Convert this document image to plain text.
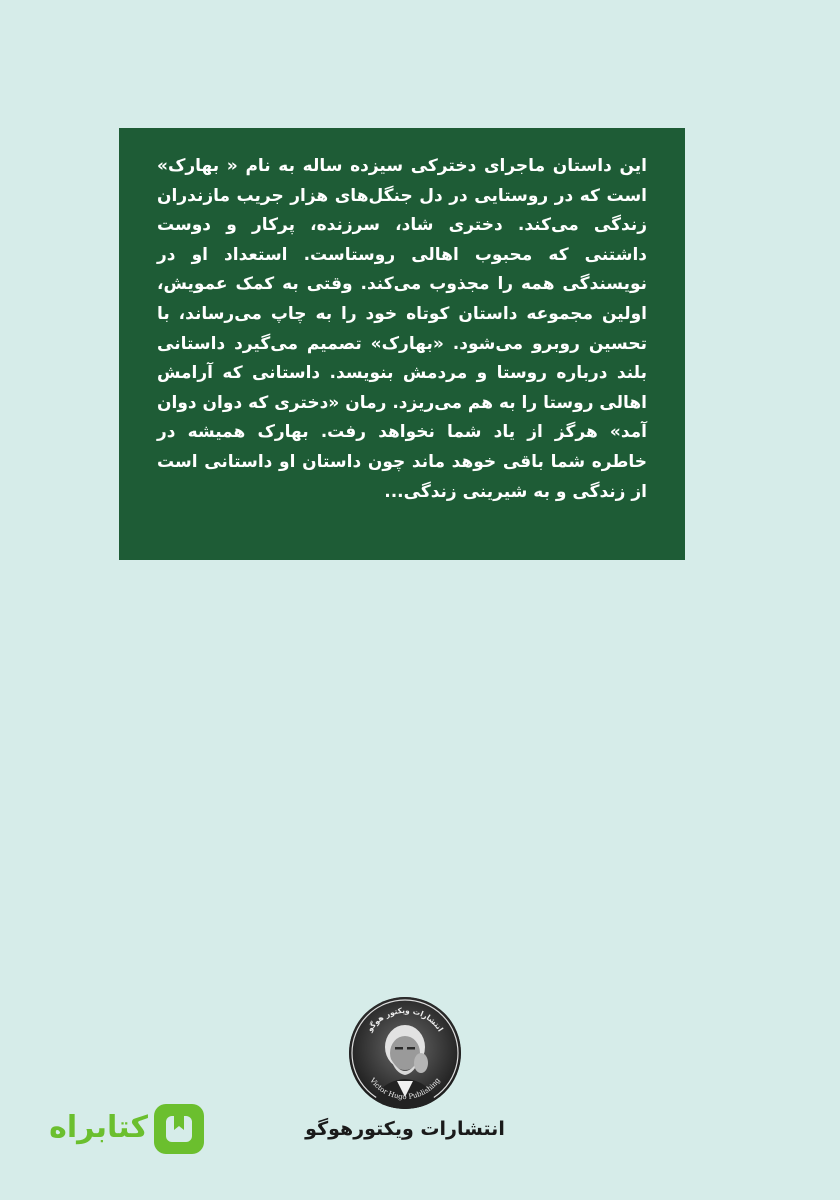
این داستان ماجرای دخترکی سیزده ساله به نام « بهارک» است که در روستایی در دل جنگل‌های هزار جریب مازندران زندگی می‌کند. دختری شاد، سرزنده، پرکار و دوست داشتنی که محبوب اهالی روستاست. استعداد او در نویسندگی همه را مجذوب می‌کند. وقتی به کمک عمویش، اولین مجموعه داستان کوتاه خود را به چاپ می‌رساند، با تحسین روبرو می‌شود. «بهارک» تصمیم می‌گیرد داستانی بلند درباره روستا و مردمش بنویسد. داستانی که آرامش اهالی روستا را به هم می‌ریزد. رمان «دختری که دوان دوان آمد» هرگز از یاد شما نخواهد رفت. بهارک همیشه در خاطره شما باقی خوهد ماند چون داستان او داستانی است از زندگی و به شیرینی زندگی...

انتشارات ویکتور هوگو
Victor Hugo Publishing
انتشارات ویکتورهوگو
کتابراه
